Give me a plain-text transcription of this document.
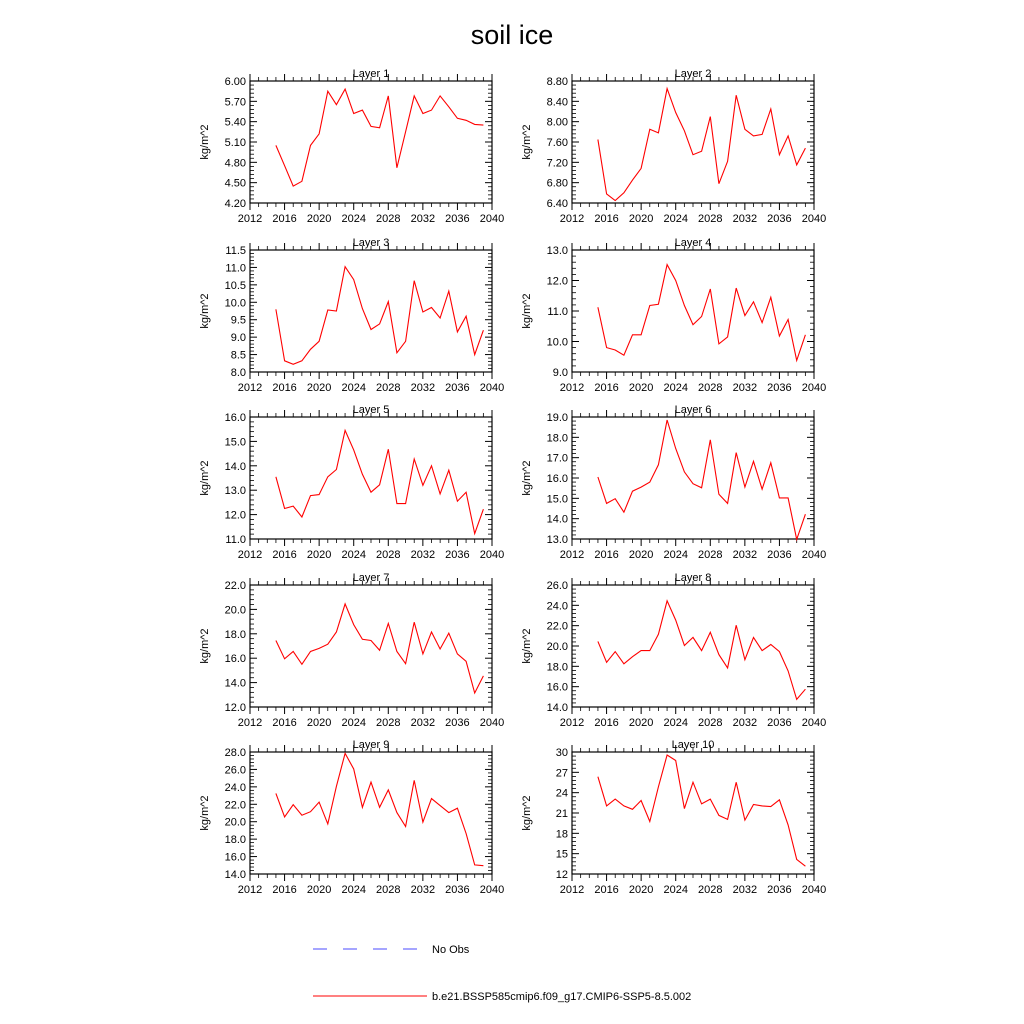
soil ice
Layer 1
kg/m^2
4.20
4.50
4.80
5.10
5.40
5.70
6.00
2012 2016 2020 2024 2028 2032 2036 2040
Layer 2
kg/m^2
6.40
6.80
7.20
7.60
8.00
8.40
8.80
2012 2016 2020 2024 2028 2032 2036 2040
Layer 3
kg/m^2
8.0
8.5
9.0
9.5
10.0
10.5
11.0
11.5
2012 2016 2020 2024 2028 2032 2036 2040
Layer 4
kg/m^2
9.0
10.0
11.0
12.0
13.0
2012 2016 2020 2024 2028 2032 2036 2040
Layer 5
kg/m^2
11.0
12.0
13.0
14.0
15.0
16.0
2012 2016 2020 2024 2028 2032 2036 2040
Layer 6
kg/m^2
13.0
14.0
15.0
16.0
17.0
18.0
19.0
2012 2016 2020 2024 2028 2032 2036 2040
Layer 7
kg/m^2
12.0
14.0
16.0
18.0
20.0
22.0
2012 2016 2020 2024 2028 2032 2036 2040
Layer 8
kg/m^2
14.0
16.0
18.0
20.0
22.0
24.0
26.0
2012 2016 2020 2024 2028 2032 2036 2040
Layer 9
kg/m^2
14.0
16.0
18.0
20.0
22.0
24.0
26.0
28.0
2012 2016 2020 2024 2028 2032 2036 2040
Layer 10
kg/m^2
12
15
18
21
24
27
30
2012 2016 2020 2024 2028 2032 2036 2040
No Obs
b.e21.BSSP585cmip6.f09_g17.CMIP6-SSP5-8.5.002
